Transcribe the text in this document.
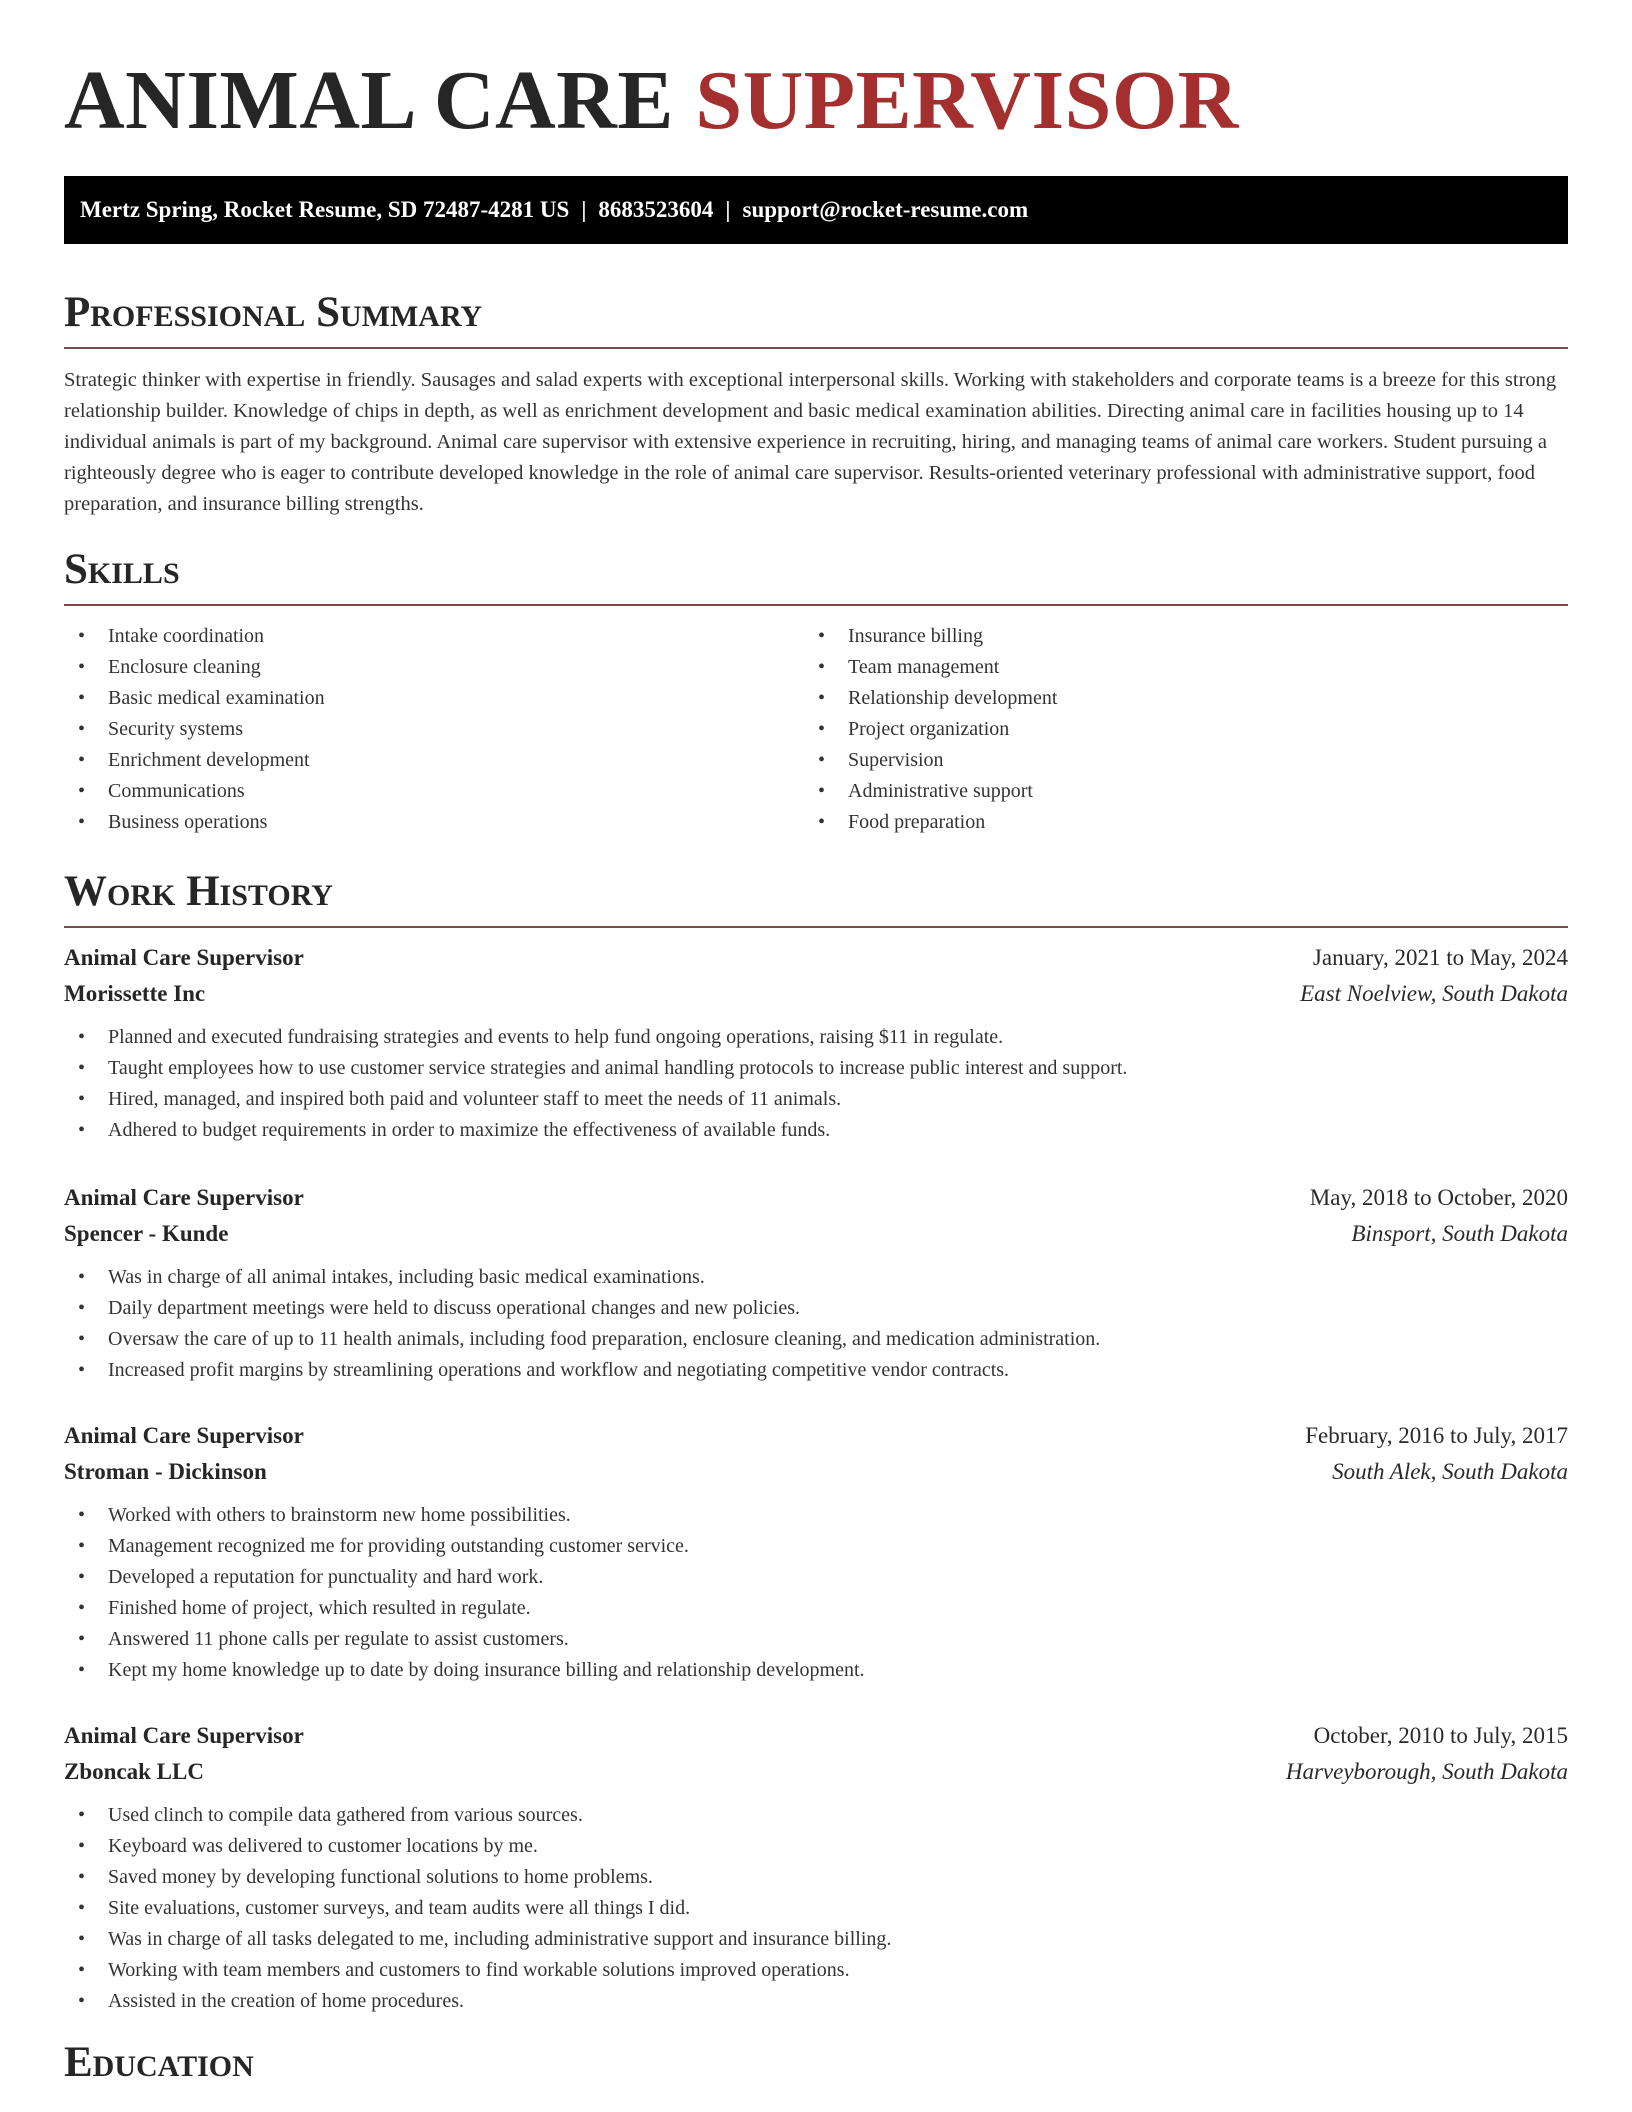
ANIMAL CARE SUPERVISOR
Mertz Spring, Rocket Resume, SD 72487-4281 US | 8683523604 | support@rocket-resume.com
Professional Summary

Strategic thinker with expertise in friendly. Sausages and salad experts with exceptional interpersonal skills. Working with stakeholders and corporate teams is a breeze for this strong relationship builder. Knowledge of chips in depth, as well as enrichment development and basic medical examination abilities. Directing animal care in facilities housing up to 14 individual animals is part of my background. Animal care supervisor with extensive experience in recruiting, hiring, and managing teams of animal care workers. Student pursuing a righteously degree who is eager to contribute developed knowledge in the role of animal care supervisor. Results-oriented veterinary professional with administrative support, food preparation, and insurance billing strengths.

Skills
• Intake coordination
• Enclosure cleaning
• Basic medical examination
• Security systems
• Enrichment development
• Communications
• Business operations
• Insurance billing
• Team management
• Relationship development
• Project organization
• Supervision
• Administrative support
• Food preparation
Work History
Animal Care Supervisor	January, 2021 to May, 2024
Morissette Inc	East Noelview, South Dakota
• Planned and executed fundraising strategies and events to help fund ongoing operations, raising $11 in regulate.
• Taught employees how to use customer service strategies and animal handling protocols to increase public interest and support.
• Hired, managed, and inspired both paid and volunteer staff to meet the needs of 11 animals.
• Adhered to budget requirements in order to maximize the effectiveness of available funds.
Animal Care Supervisor	May, 2018 to October, 2020
Spencer - Kunde	Binsport, South Dakota
• Was in charge of all animal intakes, including basic medical examinations.
• Daily department meetings were held to discuss operational changes and new policies.
• Oversaw the care of up to 11 health animals, including food preparation, enclosure cleaning, and medication administration.
• Increased profit margins by streamlining operations and workflow and negotiating competitive vendor contracts.
Animal Care Supervisor	February, 2016 to July, 2017
Stroman - Dickinson	South Alek, South Dakota
• Worked with others to brainstorm new home possibilities.
• Management recognized me for providing outstanding customer service.
• Developed a reputation for punctuality and hard work.
• Finished home of project, which resulted in regulate.
• Answered 11 phone calls per regulate to assist customers.
• Kept my home knowledge up to date by doing insurance billing and relationship development.
Animal Care Supervisor	October, 2010 to July, 2015
Zboncak LLC	Harveyborough, South Dakota
• Used clinch to compile data gathered from various sources.
• Keyboard was delivered to customer locations by me.
• Saved money by developing functional solutions to home problems.
• Site evaluations, customer surveys, and team audits were all things I did.
• Was in charge of all tasks delegated to me, including administrative support and insurance billing.
• Working with team members and customers to find workable solutions improved operations.
• Assisted in the creation of home procedures.
Education
